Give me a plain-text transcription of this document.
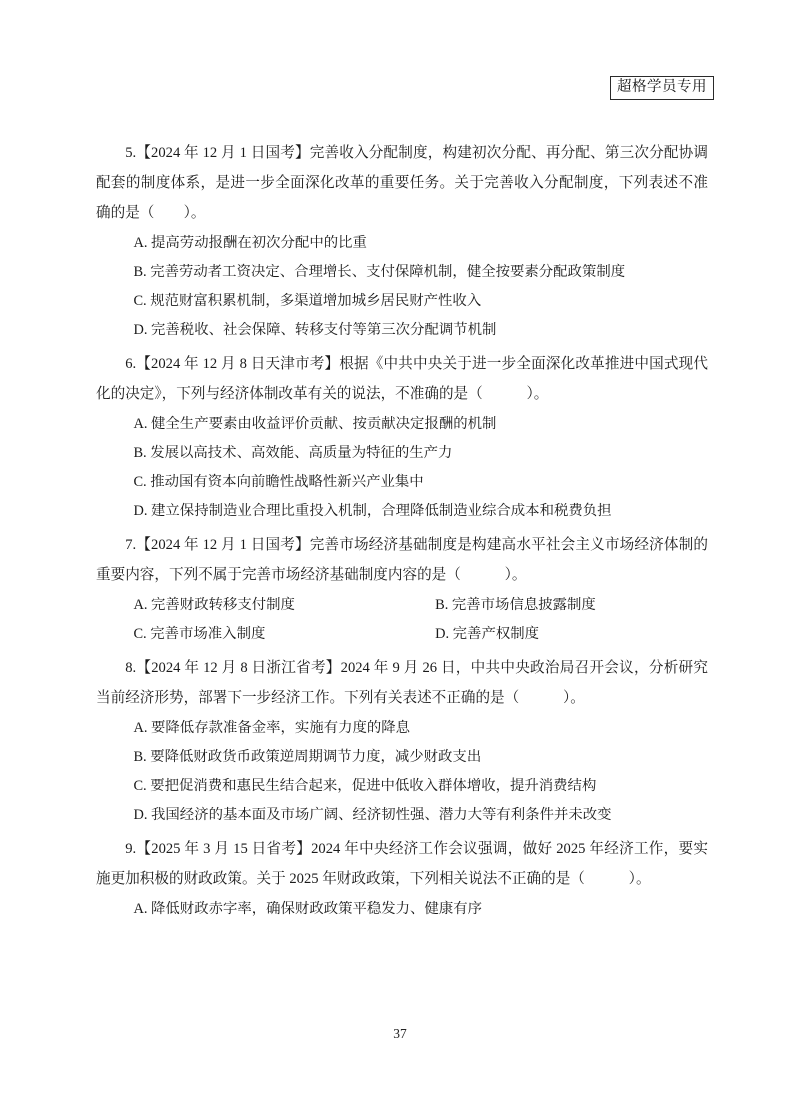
超格学员专用

5.【2024 年 12 月 1 日国考】完善收入分配制度，构建初次分配、再分配、第三次分配协调配套的制度体系，是进一步全面深化改革的重要任务。关于完善收入分配制度，下列表述不准确的是（　　）。

A. 提高劳动报酬在初次分配中的比重

B. 完善劳动者工资决定、合理增长、支付保障机制，健全按要素分配政策制度

C. 规范财富积累机制，多渠道增加城乡居民财产性收入

D. 完善税收、社会保障、转移支付等第三次分配调节机制

6.【2024 年 12 月 8 日天津市考】根据《中共中央关于进一步全面深化改革推进中国式现代化的决定》，下列与经济体制改革有关的说法，不准确的是（　　　）。

A. 健全生产要素由收益评价贡献、按贡献决定报酬的机制

B. 发展以高技术、高效能、高质量为特征的生产力

C. 推动国有资本向前瞻性战略性新兴产业集中

D. 建立保持制造业合理比重投入机制，合理降低制造业综合成本和税费负担

7.【2024 年 12 月 1 日国考】完善市场经济基础制度是构建高水平社会主义市场经济体制的重要内容，下列不属于完善市场经济基础制度内容的是（　　　）。

A. 完善财政转移支付制度	B. 完善市场信息披露制度
C. 完善市场准入制度	D. 完善产权制度

8.【2024 年 12 月 8 日浙江省考】2024 年 9 月 26 日，中共中央政治局召开会议，分析研究当前经济形势，部署下一步经济工作。下列有关表述不正确的是（　　　）。

A. 要降低存款准备金率，实施有力度的降息

B. 要降低财政货币政策逆周期调节力度，减少财政支出

C. 要把促消费和惠民生结合起来，促进中低收入群体增收，提升消费结构

D. 我国经济的基本面及市场广阔、经济韧性强、潜力大等有利条件并未改变

9.【2025 年 3 月 15 日省考】2024 年中央经济工作会议强调，做好 2025 年经济工作，要实施更加积极的财政政策。关于 2025 年财政政策，下列相关说法不正确的是（　　　）。

A. 降低财政赤字率，确保财政政策平稳发力、健康有序

37
